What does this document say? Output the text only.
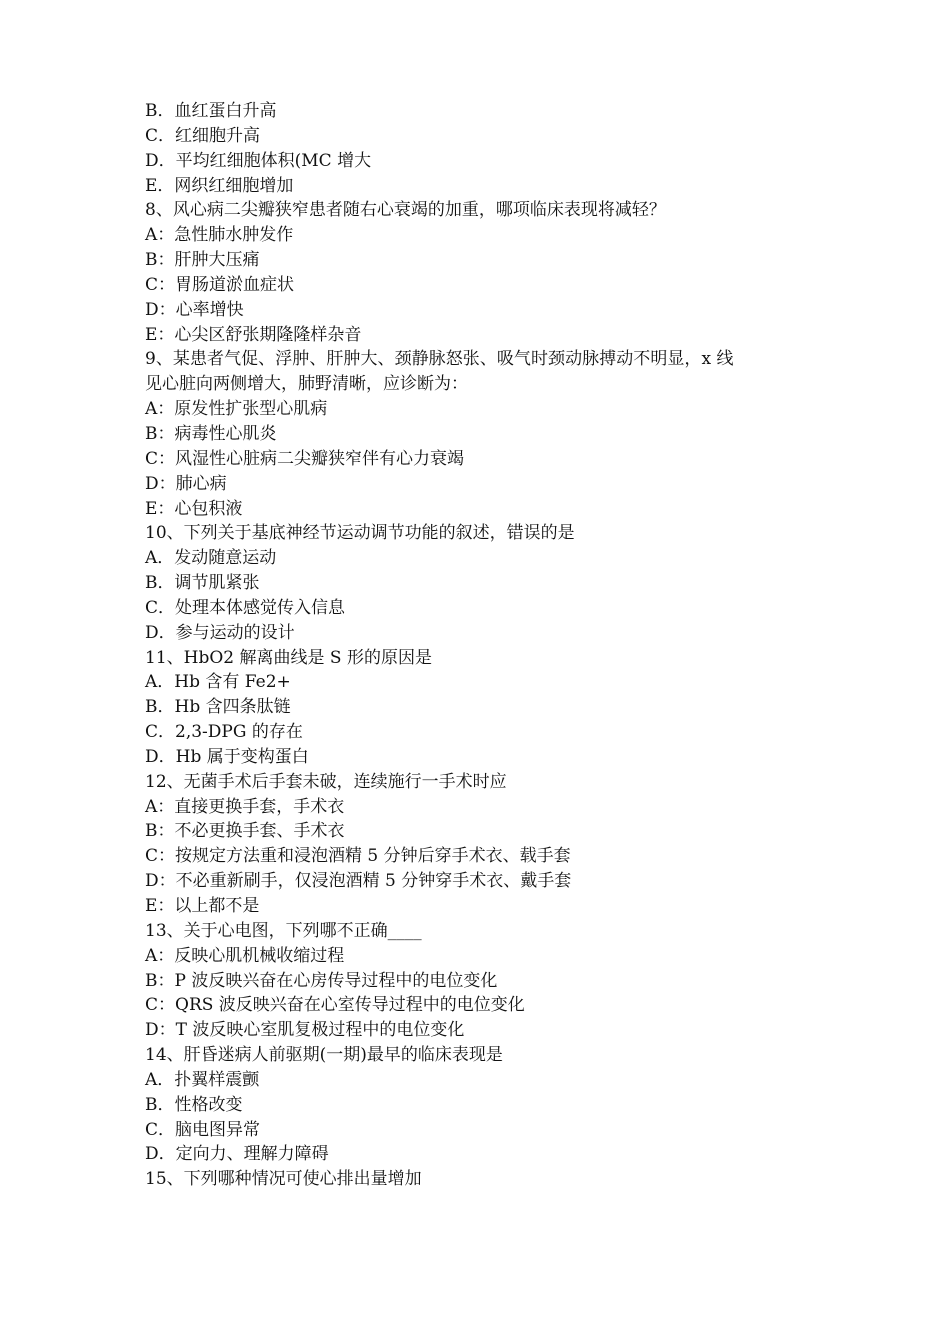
B．血红蛋白升高
C．红细胞升高
D．平均红细胞体积(MC 增大
E．网织红细胞增加
8、风心病二尖瓣狭窄患者随右心衰竭的加重，哪项临床表现将减轻？
A：急性肺水肿发作
B：肝肿大压痛
C：胃肠道淤血症状
D：心率增快
E：心尖区舒张期隆隆样杂音
9、某患者气促、浮肿、肝肿大、颈静脉怒张、吸气时颈动脉搏动不明显，x 线
见心脏向两侧增大，肺野清晰，应诊断为：
A：原发性扩张型心肌病
B：病毒性心肌炎
C：风湿性心脏病二尖瓣狭窄伴有心力衰竭
D：肺心病
E：心包积液
10、下列关于基底神经节运动调节功能的叙述，错误的是
A．发动随意运动
B．调节肌紧张
C．处理本体感觉传入信息
D．参与运动的设计
11、HbO2 解离曲线是 S 形的原因是
A．Hb 含有 Fe2+
B．Hb 含四条肽链
C．2,3-DPG 的存在
D．Hb 属于变构蛋白
12、无菌手术后手套未破，连续施行一手术时应
A：直接更换手套，手术衣
B：不必更换手套、手术衣
C：按规定方法重和浸泡酒精 5 分钟后穿手术衣、载手套
D：不必重新刷手，仅浸泡酒精 5 分钟穿手术衣、戴手套
E：以上都不是
13、关于心电图，下列哪不正确____
A：反映心肌机械收缩过程
B：P 波反映兴奋在心房传导过程中的电位变化
C：QRS 波反映兴奋在心室传导过程中的电位变化
D：T 波反映心室肌复极过程中的电位变化
14、肝昏迷病人前驱期(一期)最早的临床表现是
A．扑翼样震颤
B．性格改变
C．脑电图异常
D．定向力、理解力障碍
15、下列哪种情况可使心排出量增加
